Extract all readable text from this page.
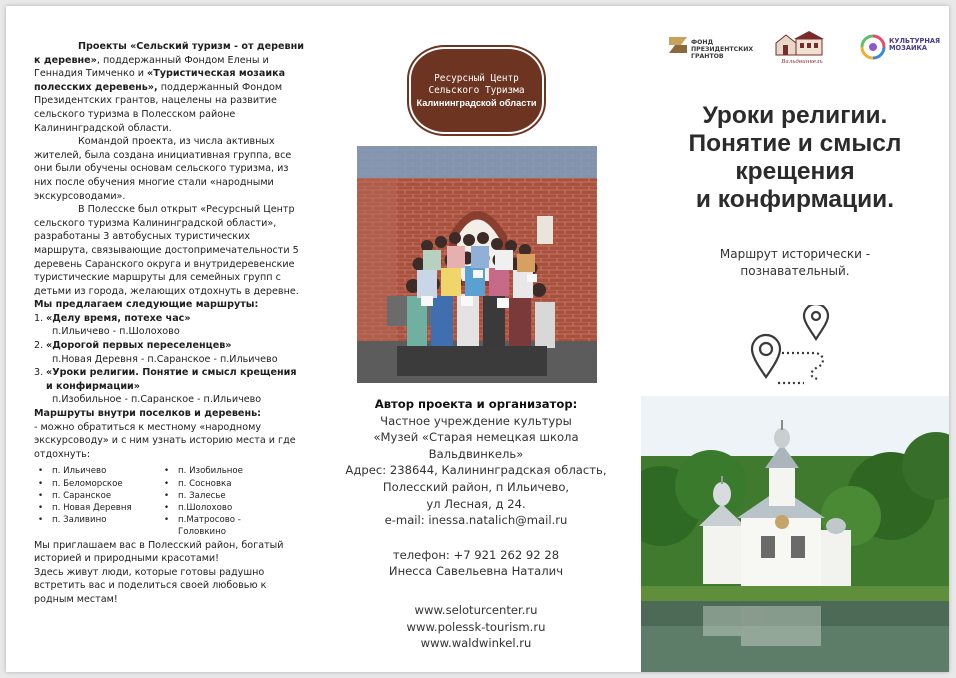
Проекты «Сельский туризм - от деревни к деревне», поддержанный Фондом Елены и Геннадия Тимченко и «Туристическая мозаика полесских деревень», поддержанный Фондом Президентских грантов, нацелены на развитие сельского туризма в Полесском районе Калининградской области.

Командой проекта, из числа активных жителей, была создана инициативная группа, все они были обучены основам сельского туризма, из них после обучения многие стали «народными экскурсоводами».

В Полесске был открыт «Ресурсный Центр сельского туризма Калининградской области», разработаны 3 автобусных туристических маршрута, связывающие достопримечательности 5 деревень Саранского округа и внутридеревенские туристические маршруты для семейных групп с детьми из города, желающих отдохнуть в деревне.

Мы предлагаем следующие маршруты:

1. «Делу время, потехе час»
п.Ильичево - п.Шолохово
2. «Дорогой первых переселенцев»
п.Новая Деревня - п.Саранское - п.Ильичево
3. «Уроки религии. Понятие и смысл крещения и конфирмации»
п.Изобильное - п.Саранское - п.Ильичево

Маршруты внутри поселков и деревень:

- можно обратиться к местному «народному экскурсоводу» и с ним узнать историю места и где отдохнуть:

• п. Ильичево	• п. Изобильное
• п. Беломорское	• п. Сосновка
• п. Саранское	• п. Залесье
• п. Новая Деревня	• п.Шолохово
• п. Заливино	• п.Матросово - Головкино

Мы приглашаем вас в Полесский район, богатый историей и природными красотами!

Здесь живут люди, которые готовы радушно встретить вас и поделиться своей любовью к родным местам!

Ресурсный Центр
Сельского Туризма
Калининградской области
Автор проекта и организатор:
Частное учреждение культуры
«Музей «Старая немецкая школа
Вальдвинкель»
Адрес: 238644, Калининградская область,
Полесский район, п Ильичево,
ул Лесная, д 24.
e-mail: inessa.natalich@mail.ru
телефон: +7 921 262 92 28
Инесса Савельевна Наталич
www.seloturcenter.ru
www.polessk-tourism.ru
www.waldwinkel.ru
ФОНД
ПРЕЗИДЕНТСКИХ
ГРАНТОВ
Вальдвинкель
КУЛЬТУРНАЯ
МОЗАИКА
Уроки религии.
Понятие и смысл
крещения
и конфирмации.
Маршрут исторически -
познавательный.
